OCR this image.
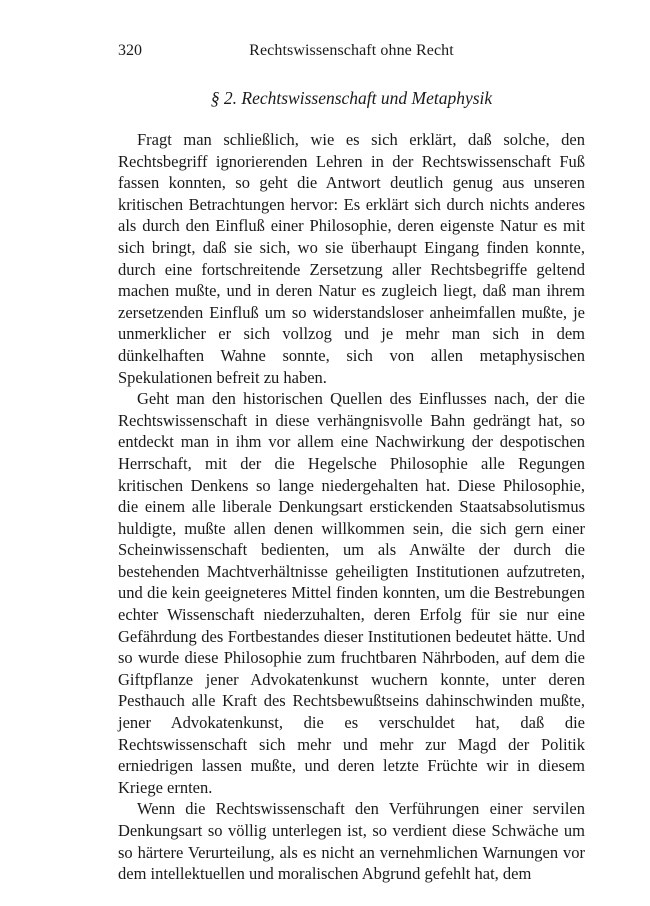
320	Rechtswissenschaft ohne Recht
§ 2. Rechtswissenschaft und Metaphysik

Fragt man schließlich, wie es sich erklärt, daß solche, den Rechtsbegriff ignorierenden Lehren in der Rechtswissenschaft Fuß fassen konnten, so geht die Antwort deutlich genug aus unseren kritischen Betrachtungen hervor: Es erklärt sich durch nichts anderes als durch den Einfluß einer Philosophie, deren eigenste Natur es mit sich bringt, daß sie sich, wo sie überhaupt Eingang finden konnte, durch eine fortschreitende Zersetzung aller Rechtsbegriffe geltend machen mußte, und in deren Natur es zugleich liegt, daß man ihrem zersetzenden Einfluß um so widerstandsloser anheimfallen mußte, je unmerklicher er sich vollzog und je mehr man sich in dem dünkelhaften Wahne sonnte, sich von allen metaphysischen Spekulationen befreit zu haben.

Geht man den historischen Quellen des Einflusses nach, der die Rechtswissenschaft in diese verhängnisvolle Bahn gedrängt hat, so entdeckt man in ihm vor allem eine Nachwirkung der despotischen Herrschaft, mit der die Hegelsche Philosophie alle Regungen kritischen Denkens so lange niedergehalten hat. Diese Philosophie, die einem alle liberale Denkungsart erstickenden Staatsabsolutismus huldigte, mußte allen denen willkommen sein, die sich gern einer Scheinwissenschaft bedienten, um als Anwälte der durch die bestehenden Machtverhältnisse geheiligten Institutionen aufzutreten, und die kein geeigneteres Mittel finden konnten, um die Bestrebungen echter Wissenschaft niederzuhalten, deren Erfolg für sie nur eine Gefährdung des Fortbestandes dieser Institutionen bedeutet hätte. Und so wurde diese Philosophie zum fruchtbaren Nährboden, auf dem die Giftpflanze jener Advokatenkunst wuchern konnte, unter deren Pesthauch alle Kraft des Rechtsbewußtseins dahinschwinden mußte, jener Advokatenkunst, die es verschuldet hat, daß die Rechtswissenschaft sich mehr und mehr zur Magd der Politik erniedrigen lassen mußte, und deren letzte Früchte wir in diesem Kriege ernten.

Wenn die Rechtswissenschaft den Verführungen einer servilen Denkungsart so völlig unterlegen ist, so verdient diese Schwäche um so härtere Verurteilung, als es nicht an vernehmlichen Warnungen vor dem intellektuellen und moralischen Abgrund gefehlt hat, dem
